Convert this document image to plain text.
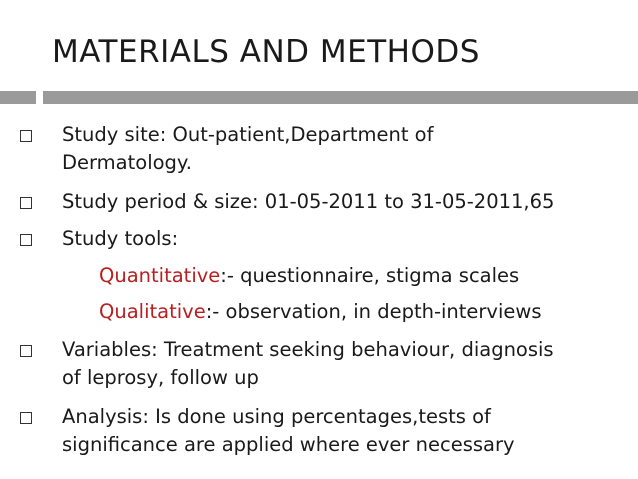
MATERIALS AND METHODS
Study site: Out-patient,Department of
Dermatology.
Study period & size: 01-05-2011 to 31-05-2011,65
Study tools:
Quantitative:- questionnaire, stigma scales
Qualitative:- observation, in depth-interviews
Variables: Treatment seeking behaviour, diagnosis
of leprosy, follow up
Analysis: Is done using percentages,tests of
significance are applied where ever necessary
